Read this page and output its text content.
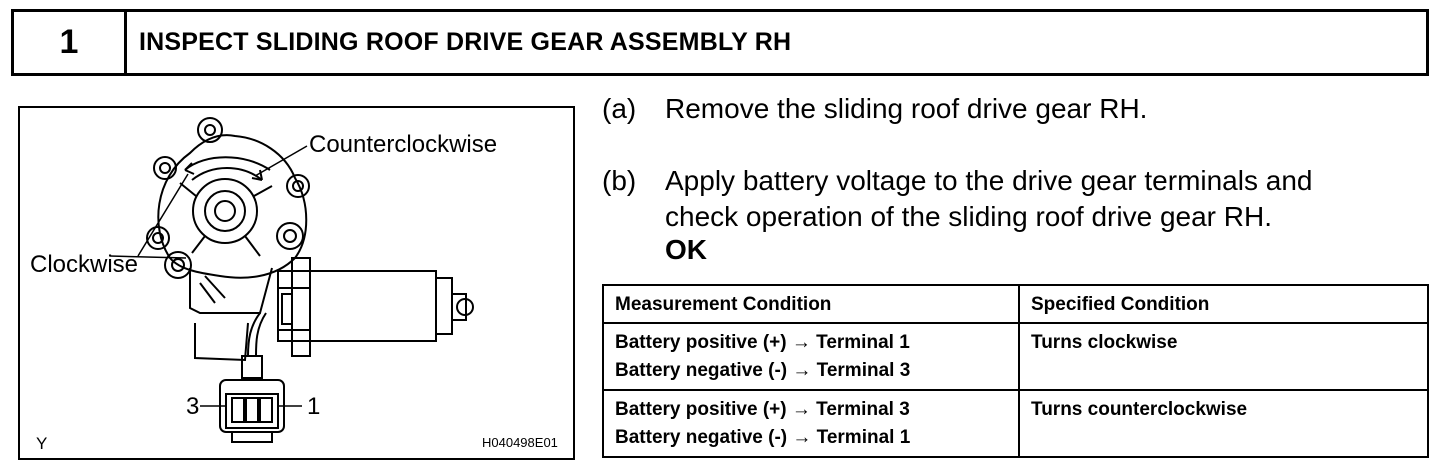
1	INSPECT SLIDING ROOF DRIVE GEAR ASSEMBLY RH
Counterclockwise
Clockwise
3	1
Y	H040498E01
(a) Remove the sliding roof drive gear RH.
(b) Apply battery voltage to the drive gear terminals and check operation of the sliding roof drive gear RH.
OK
Measurement Condition	Specified Condition

Battery positive (+) → Terminal 1
Battery negative (-) → Terminal 3	Turns clockwise

Battery positive (+) → Terminal 3
Battery negative (-) → Terminal 1	Turns counterclockwise
